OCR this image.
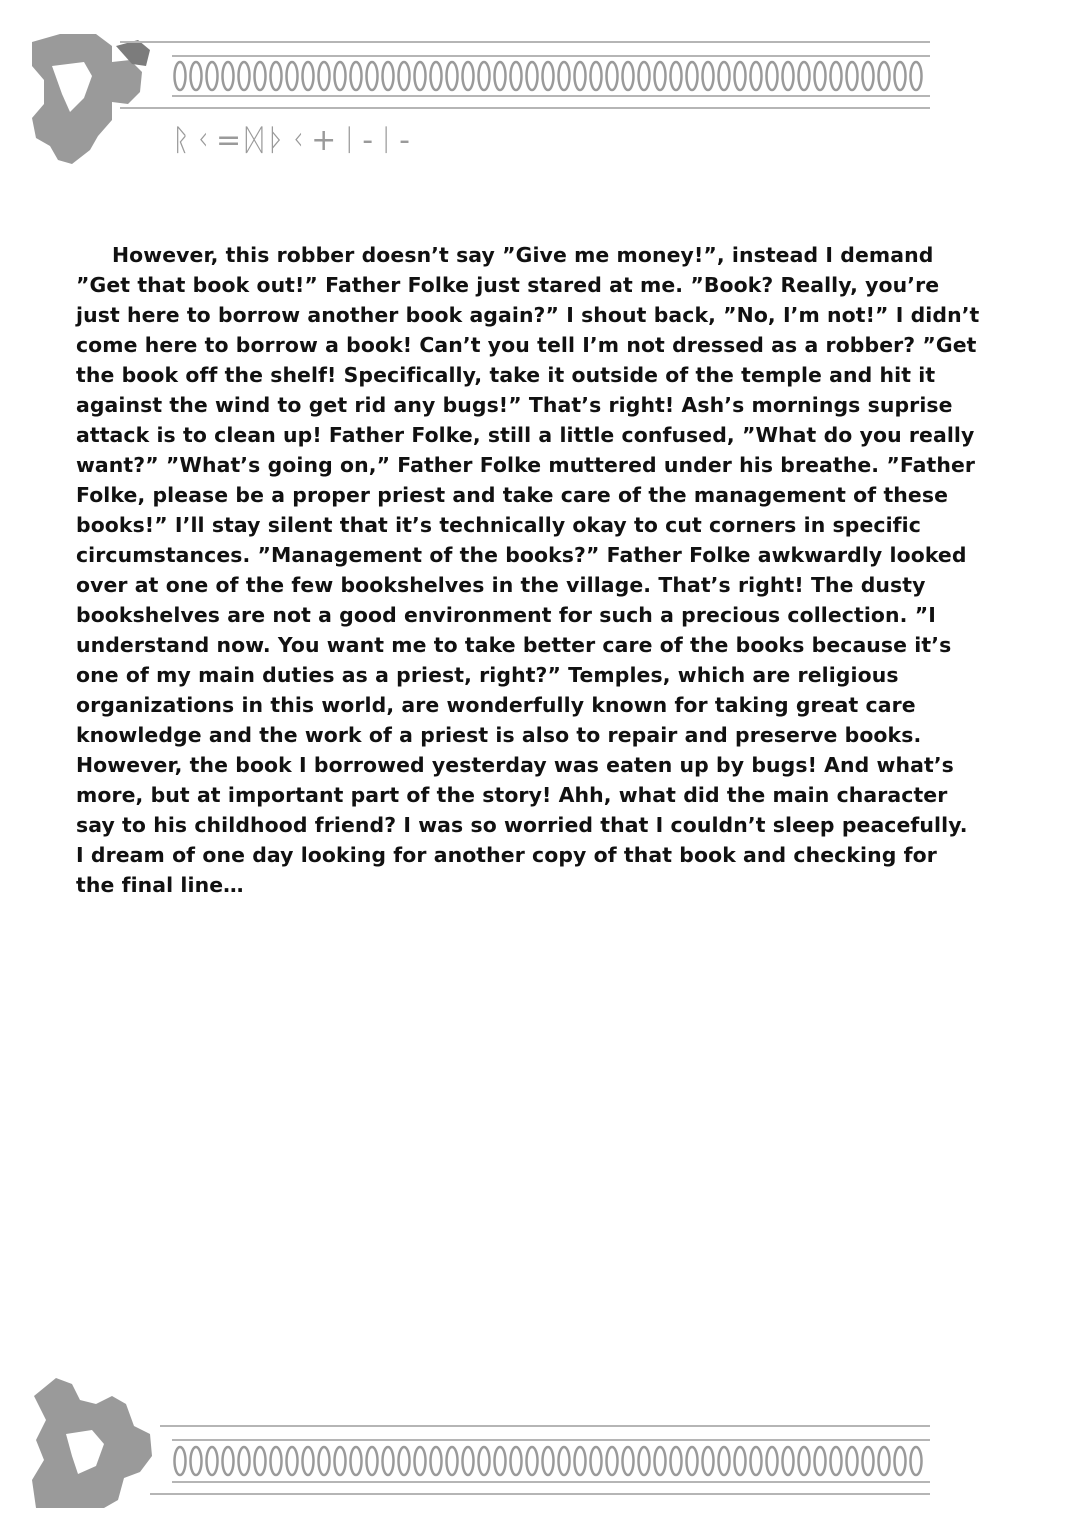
ᚱᚲ=ᛞᚦᚲ+ᛁ-ᛁ-

However, this robber doesn’t say ”Give me money!”, instead I demand ”Get that book out!” Father Folke just stared at me. ”Book? Really, you’re just here to borrow another book again?” I shout back, ”No, I’m not!” I didn’t come here to borrow a book! Can’t you tell I’m not dressed as a robber? ”Get the book off the shelf! Specifically, take it outside of the temple and hit it against the wind to get rid any bugs!” That’s right! Ash’s mornings suprise attack is to clean up! Father Folke, still a little confused, ”What do you really want?” ”What’s going on,” Father Folke muttered under his breathe. ”Father Folke, please be a proper priest and take care of the management of these books!” I’ll stay silent that it’s technically okay to cut corners in specific circumstances. ”Management of the books?” Father Folke awkwardly looked over at one of the few bookshelves in the village. That’s right! The dusty bookshelves are not a good environment for such a precious collection. ”I understand now. You want me to take better care of the books because it’s one of my main duties as a priest, right?” Temples, which are religious organizations in this world, are wonderfully known for taking great care knowledge and the work of a priest is also to repair and preserve books. However, the book I borrowed yesterday was eaten up by bugs! And what’s more, but at important part of the story! Ahh, what did the main character say to his childhood friend? I was so worried that I couldn’t sleep peacefully. I dream of one day looking for another copy of that book and checking for the final line…
